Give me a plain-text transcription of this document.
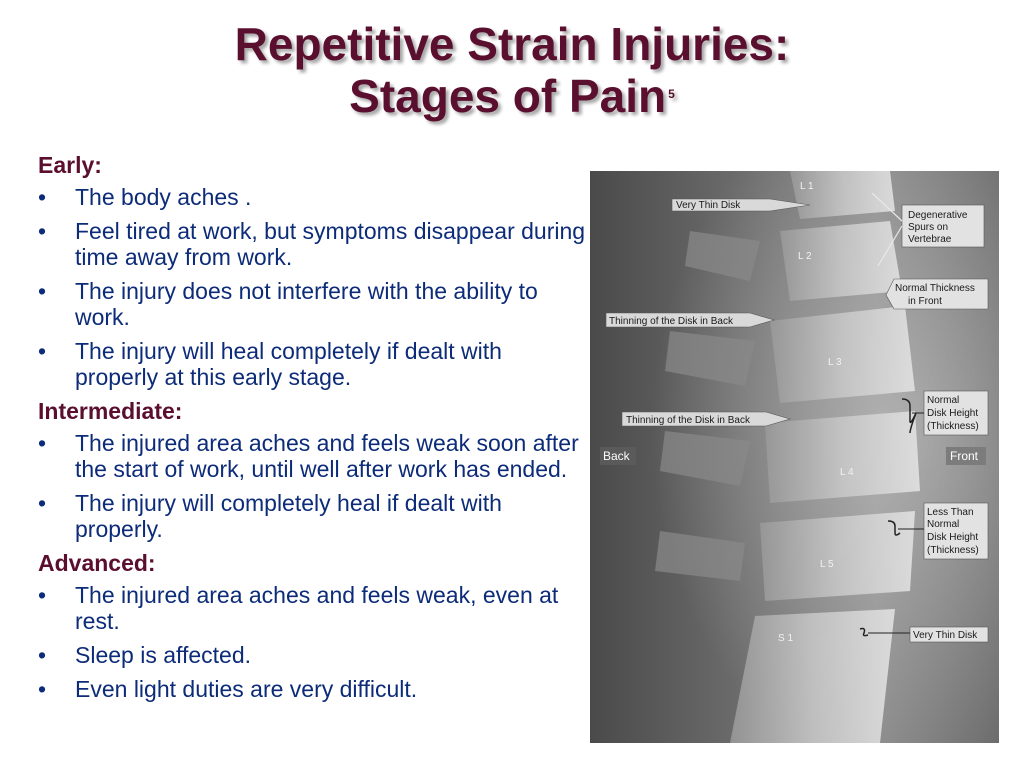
Repetitive Strain Injuries:
Stages of Pain $^5$
Early:
• The body aches .
• Feel tired at work, but symptoms disappear during time away from work.
• The injury does not interfere with the ability to work.
• The injury will heal completely if dealt with properly at this early stage.
Intermediate:
• The injured area aches and feels weak soon after the start of work, until well after work has ended.
• The injury will completely heal if dealt with properly.
Advanced:
• The injured area aches and feels weak, even at rest.
• Sleep is affected.
• Even light duties are very difficult.
L 1
L 2
L 3
L 4
L 5
S 1
Very Thin Disk
Degenerative
Spurs on
Vertebrae
Normal Thickness
in Front
Thinning of the Disk in Back
Thinning of the Disk in Back
Normal
Disk Height
(Thickness)
Back	Front
Less Than
Normal
Disk Height
(Thickness)
Very Thin Disk
